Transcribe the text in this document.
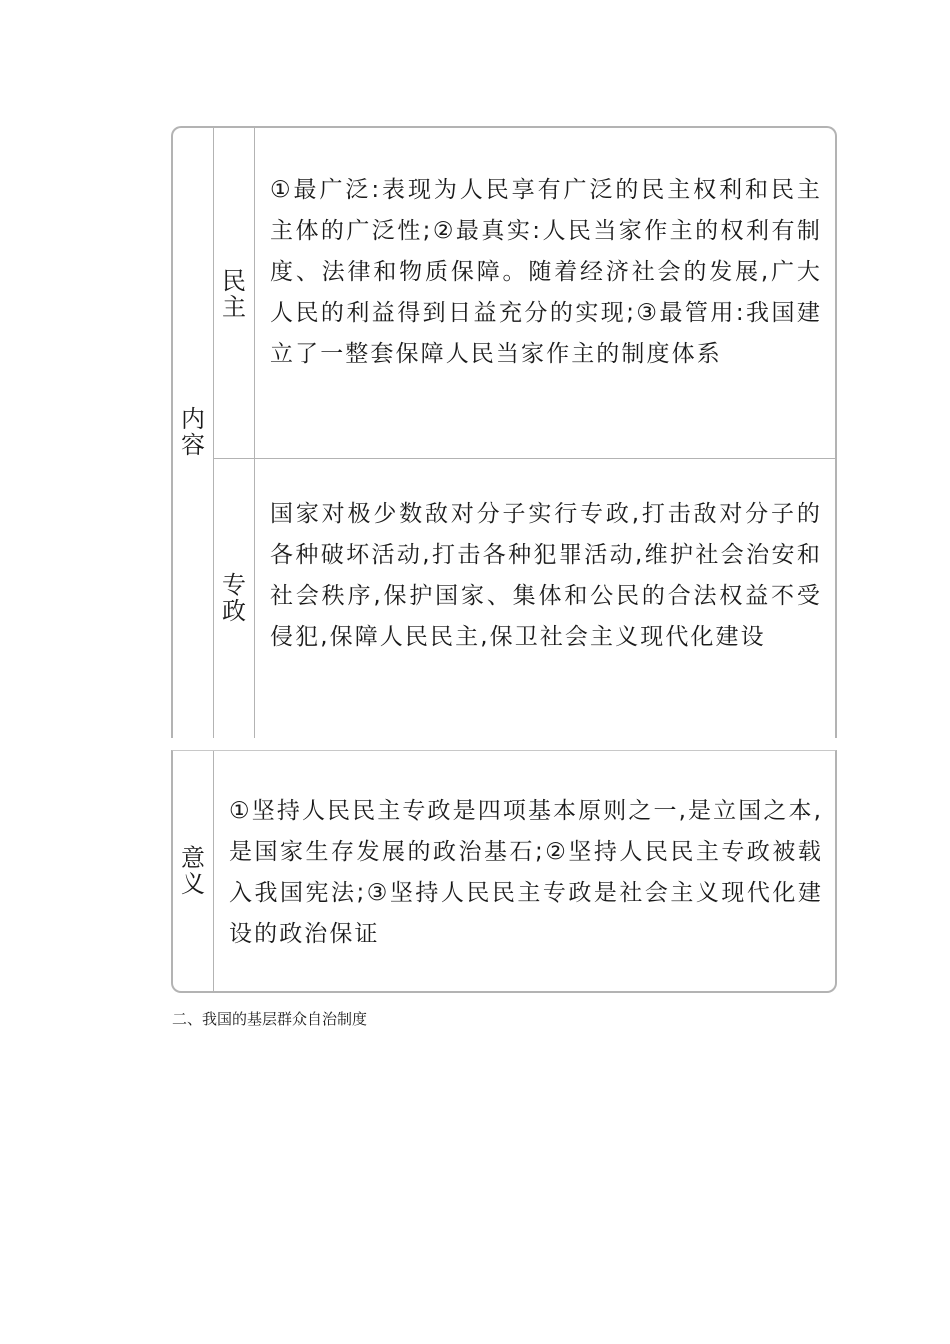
内容
民主
①最广泛:表现为人民享有广泛的民主权利和民主主体的广泛性;②最真实:人民当家作主的权利有制度、法律和物质保障。随着经济社会的发展,广大人民的利益得到日益充分的实现;③最管用:我国建立了一整套保障人民当家作主的制度体系
专政
国家对极少数敌对分子实行专政,打击敌对分子的各种破坏活动,打击各种犯罪活动,维护社会治安和社会秩序,保护国家、集体和公民的合法权益不受侵犯,保障人民民主,保卫社会主义现代化建设
意义
①坚持人民民主专政是四项基本原则之一,是立国之本,是国家生存发展的政治基石;②坚持人民民主专政被载入我国宪法;③坚持人民民主专政是社会主义现代化建设的政治保证
二、我国的基层群众自治制度
